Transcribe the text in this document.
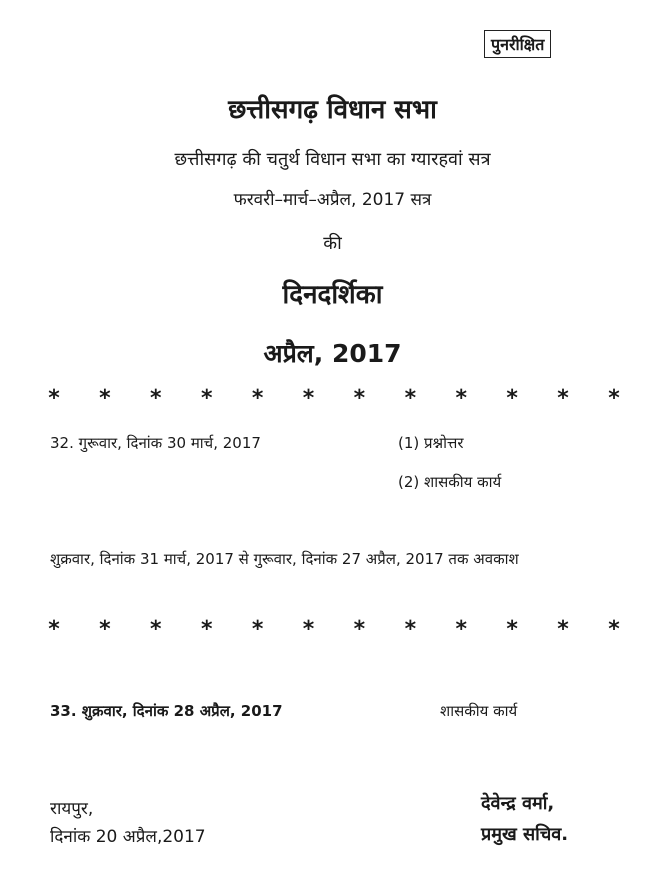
पुनरीक्षित
छत्तीसगढ़ विधान सभा
छत्तीसगढ़ की चतुर्थ विधान सभा का ग्यारहवां सत्र
फरवरी–मार्च–अप्रैल, 2017 सत्र
की
दिनदर्शिका
अप्रैल, 2017
* * * * * * * * * * * *
32. गुरूवार, दिनांक 30 मार्च, 2017	(1) प्रश्नोत्तर
(2) शासकीय कार्य
शुक्रवार, दिनांक 31 मार्च, 2017 से गुरूवार, दिनांक 27 अप्रैल, 2017 तक अवकाश
* * * * * * * * * * * *
33. शुक्रवार, दिनांक 28 अप्रैल, 2017	शासकीय कार्य
रायपुर,
दिनांक 20 अप्रैल,2017
देवेन्द्र वर्मा,
प्रमुख सचिव.
